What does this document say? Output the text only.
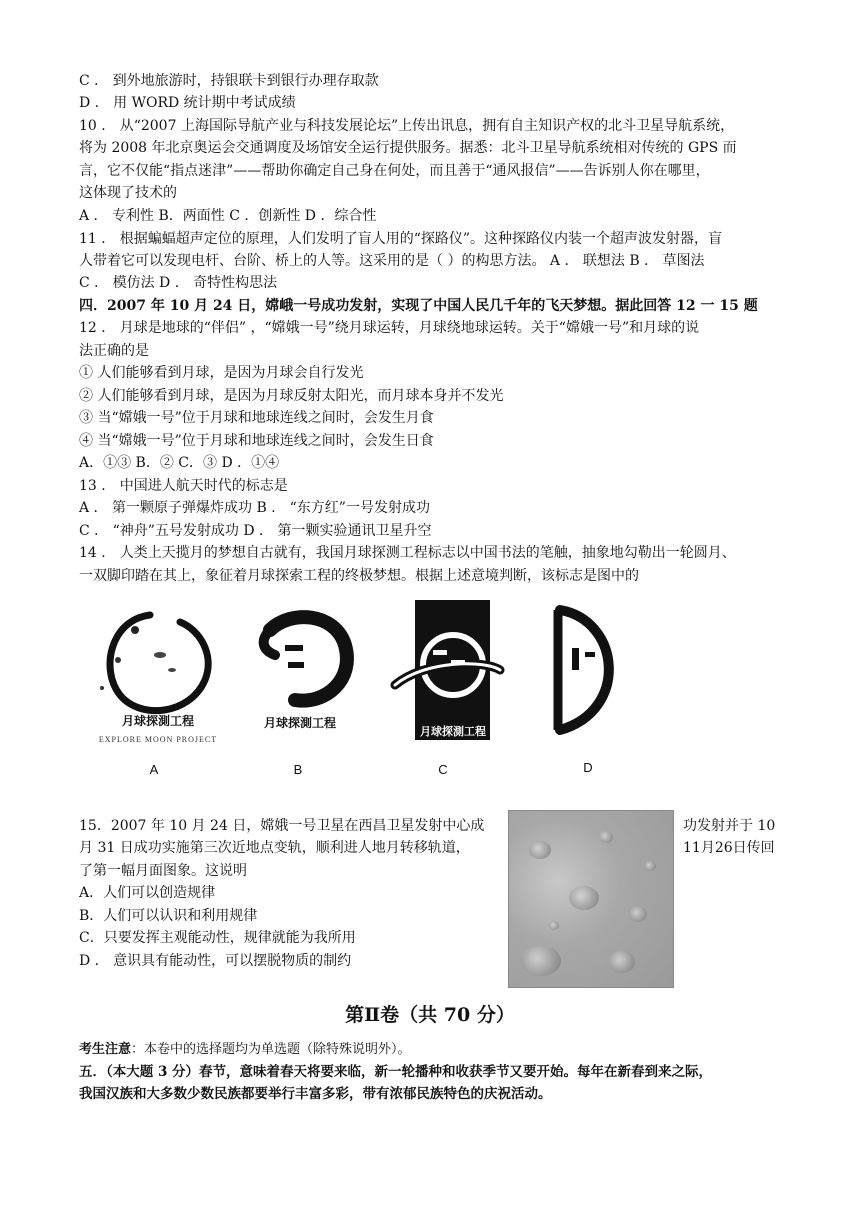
C ． 到外地旅游时，持银联卡到银行办理存取款
D ． 用 WORD 统计期中考试成绩
10 ． 从“2007 上海国际导航产业与科技发展论坛”上传出讯息，拥有自主知识产权的北斗卫星导航系统，
将为 2008 年北京奥运会交通调度及场馆安全运行提供服务。据悉：北斗卫星导航系统相对传统的 GPS 而
言，它不仅能“指点迷津”——帮助你确定自己身在何处，而且善于“通风报信”——告诉别人你在哪里，
这体现了技术的
A ． 专利性 B．两面性 C ．创新性 D ．综合性
11 ． 根据蝙蝠超声定位的原理，人们发明了盲人用的“探路仪”。这种探路仪内装一个超声波发射器，盲
人带着它可以发现电杆、台阶、桥上的人等。这采用的是（ ）的构思方法。 A ． 联想法 B ． 草图法
C ． 模仿法 D ． 奇特性构思法
四．2007 年 10 月 24 日，嫦峨一号成功发射，实现了中国人民几千年的飞天梦想。据此回答 12 一 15 题
12 ． 月球是地球的“伴侣” ，“嫦娥一号”绕月球运转，月球绕地球运转。关于“嫦娥一号”和月球的说
法正确的是
① 人们能够看到月球，是因为月球会自行发光
② 人们能够看到月球，是因为月球反射太阳光，而月球本身并不发光
③ 当“嫦娥一号”位于月球和地球连线之间时，会发生月食
④ 当“嫦娥一号”位于月球和地球连线之间时，会发生日食
A．①③ B．② C．③ D ．①④
13 ． 中国进人航天时代的标志是
A ． 第一颗原子弹爆炸成功 B ． “东方红”一号发射成功
C ． “神舟”五号发射成功 D ． 第一颗实验通讯卫星升空
14 ． 人类上天揽月的梦想自古就有，我国月球探测工程标志以中国书法的笔触，抽象地勾勒出一轮圆月、
一双脚印踏在其上，象征着月球探索工程的终极梦想。根据上述意境判断，该标志是图中的
月球探測工程
EXPLORE MOON PROJECT
A
月球探測工程
B
月球探測工程
C	D
15．2007 年 10 月 24 日，嫦娥一号卫星在西昌卫星发射中心成	功发射并于 10
月 31 日成功实施第三次近地点变轨，顺利进人地月转移轨道，	11月26日传回
了第一幅月面图象。这说明
A．人们可以创造规律
B．人们可以认识和利用规律
C．只要发挥主观能动性，规律就能为我所用
D ． 意识具有能动性，可以摆脱物质的制约
第Ⅱ卷（共 70 分）
考生注意：本卷中的选择题均为单选题（除特殊说明外）。
五．（本大题 3 分）春节，意味着春天将要来临，新一轮播种和收获季节又要开始。每年在新春到来之际，
我国汉族和大多数少数民族都要举行丰富多彩，带有浓郁民族特色的庆祝活动。
